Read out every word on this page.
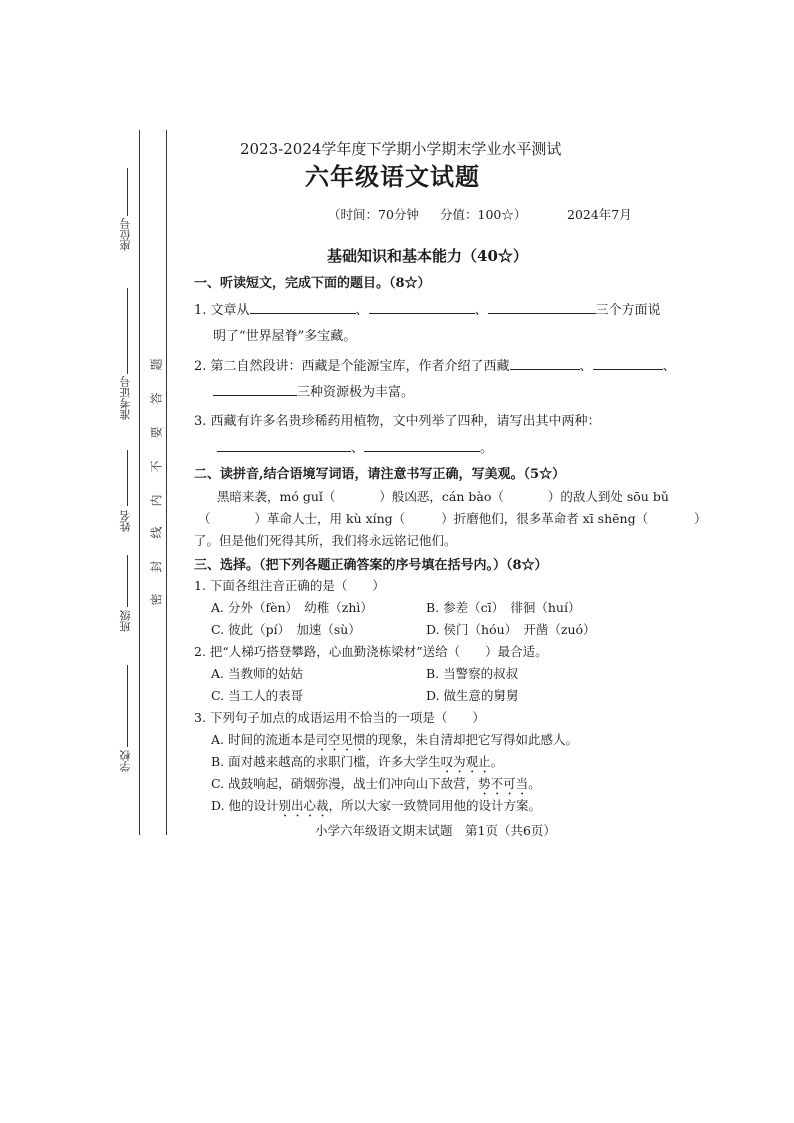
座位号
准考证号
姓名
班级
学校
题
答
要
不
内
线
封
密
2023-2024学年度下学期小学期末学业水平测试
六年级语文试题
（时间：70分钟 分值：100☆）	2024年7月
基础知识和基本能力（40☆）
一、听读短文，完成下面的题目。（8☆）
1. 文章从	、	、	三个方面说
明了“世界屋脊”多宝藏。
2. 第二自然段讲：西藏是个能源宝库，作者介绍了西藏	、	、
三种资源极为丰富。
3. 西藏有许多名贵珍稀药用植物，文中列举了四种，请写出其中两种：
、	。
二、读拼音,结合语境写词语，请注意书写正确，写美观。（5☆）
黑暗来袭，mó guǐ（	）般凶恶，cán bào（	）的敌人到处 sōu bǔ
（	）革命人士，用 kù xíng（	）折磨他们，很多革命者 xī shēng（	）
了。但是他们死得其所，我们将永远铭记他们。
三、选择。（把下列各题正确答案的序号填在括号内。）（8☆）
1. 下面各组注音正确的是（　　）
A. 分外（fèn）　幼稚（zhì）	B. 参差（cī）　徘徊（huí）
C. 彼此（pí）　加速（sù）	D. 侯门（hóu）　开凿（zuó）
2. 把“人梯巧搭登攀路，心血勤浇栋梁材”送给（　　）最合适。
A. 当教师的姑姑	B. 当警察的叔叔
C. 当工人的表哥	D. 做生意的舅舅
3. 下列句子加点的成语运用不恰当的一项是（　　）
A. 时间的流逝本是司空见惯的现象，朱自清却把它写得如此感人。
B. 面对越来越高的求职门槛，许多大学生叹为观止。
C. 战鼓响起，硝烟弥漫，战士们冲向山下敌营，势不可当。
D. 他的设计别出心裁，所以大家一致赞同用他的设计方案。
小学六年级语文期末试题　第1页（共6页）
